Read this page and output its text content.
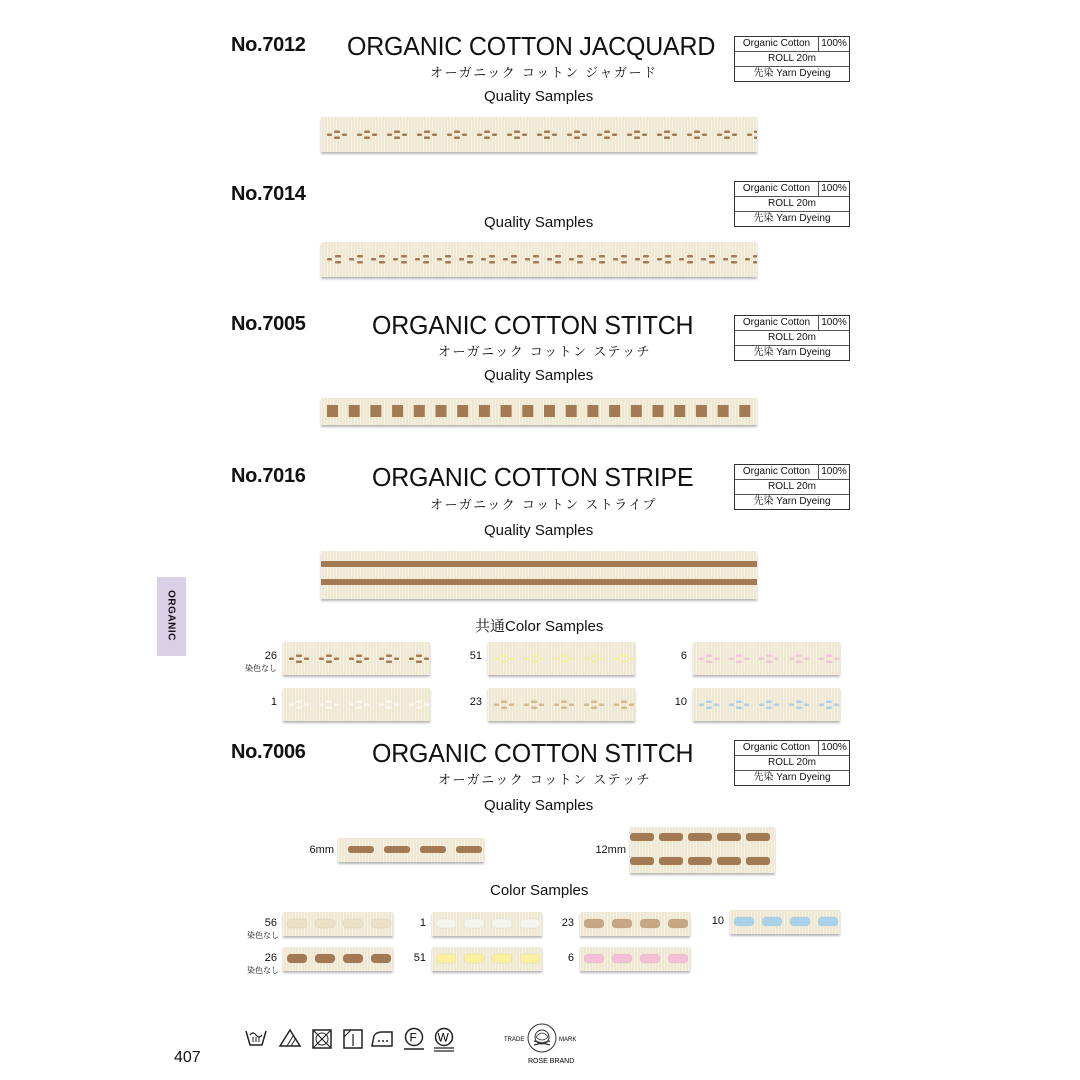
No.7012 ORGANIC COTTON JACQUARD
オーガニック コットン ジャガード
Quality Samples
Organic Cotton	100%
ROLL 20m
先染 Yarn Dyeing
No.7014
Quality Samples
Organic Cotton	100%
ROLL 20m
先染 Yarn Dyeing
No.7005	ORGANIC COTTON STITCH
オーガニック コットン ステッチ
Quality Samples
Organic Cotton	100%
ROLL 20m
先染 Yarn Dyeing
No.7016	ORGANIC COTTON STRIPE
オーガニック コットン ストライプ
Quality Samples
Organic Cotton	100%
ROLL 20m
先染 Yarn Dyeing
ORGANIC	共通Color Samples
26
染色なし
51	6
1	23	10
No.7006	ORGANIC COTTON STITCH
オーガニック コットン ステッチ
Quality Samples
Organic Cotton	100%
ROLL 20m
先染 Yarn Dyeing
6mm	12mm
Color Samples
56
染色なし
1	23	10
26
染色なし
51	6
407
F W	TRADE	MARK
ROSE BRAND
